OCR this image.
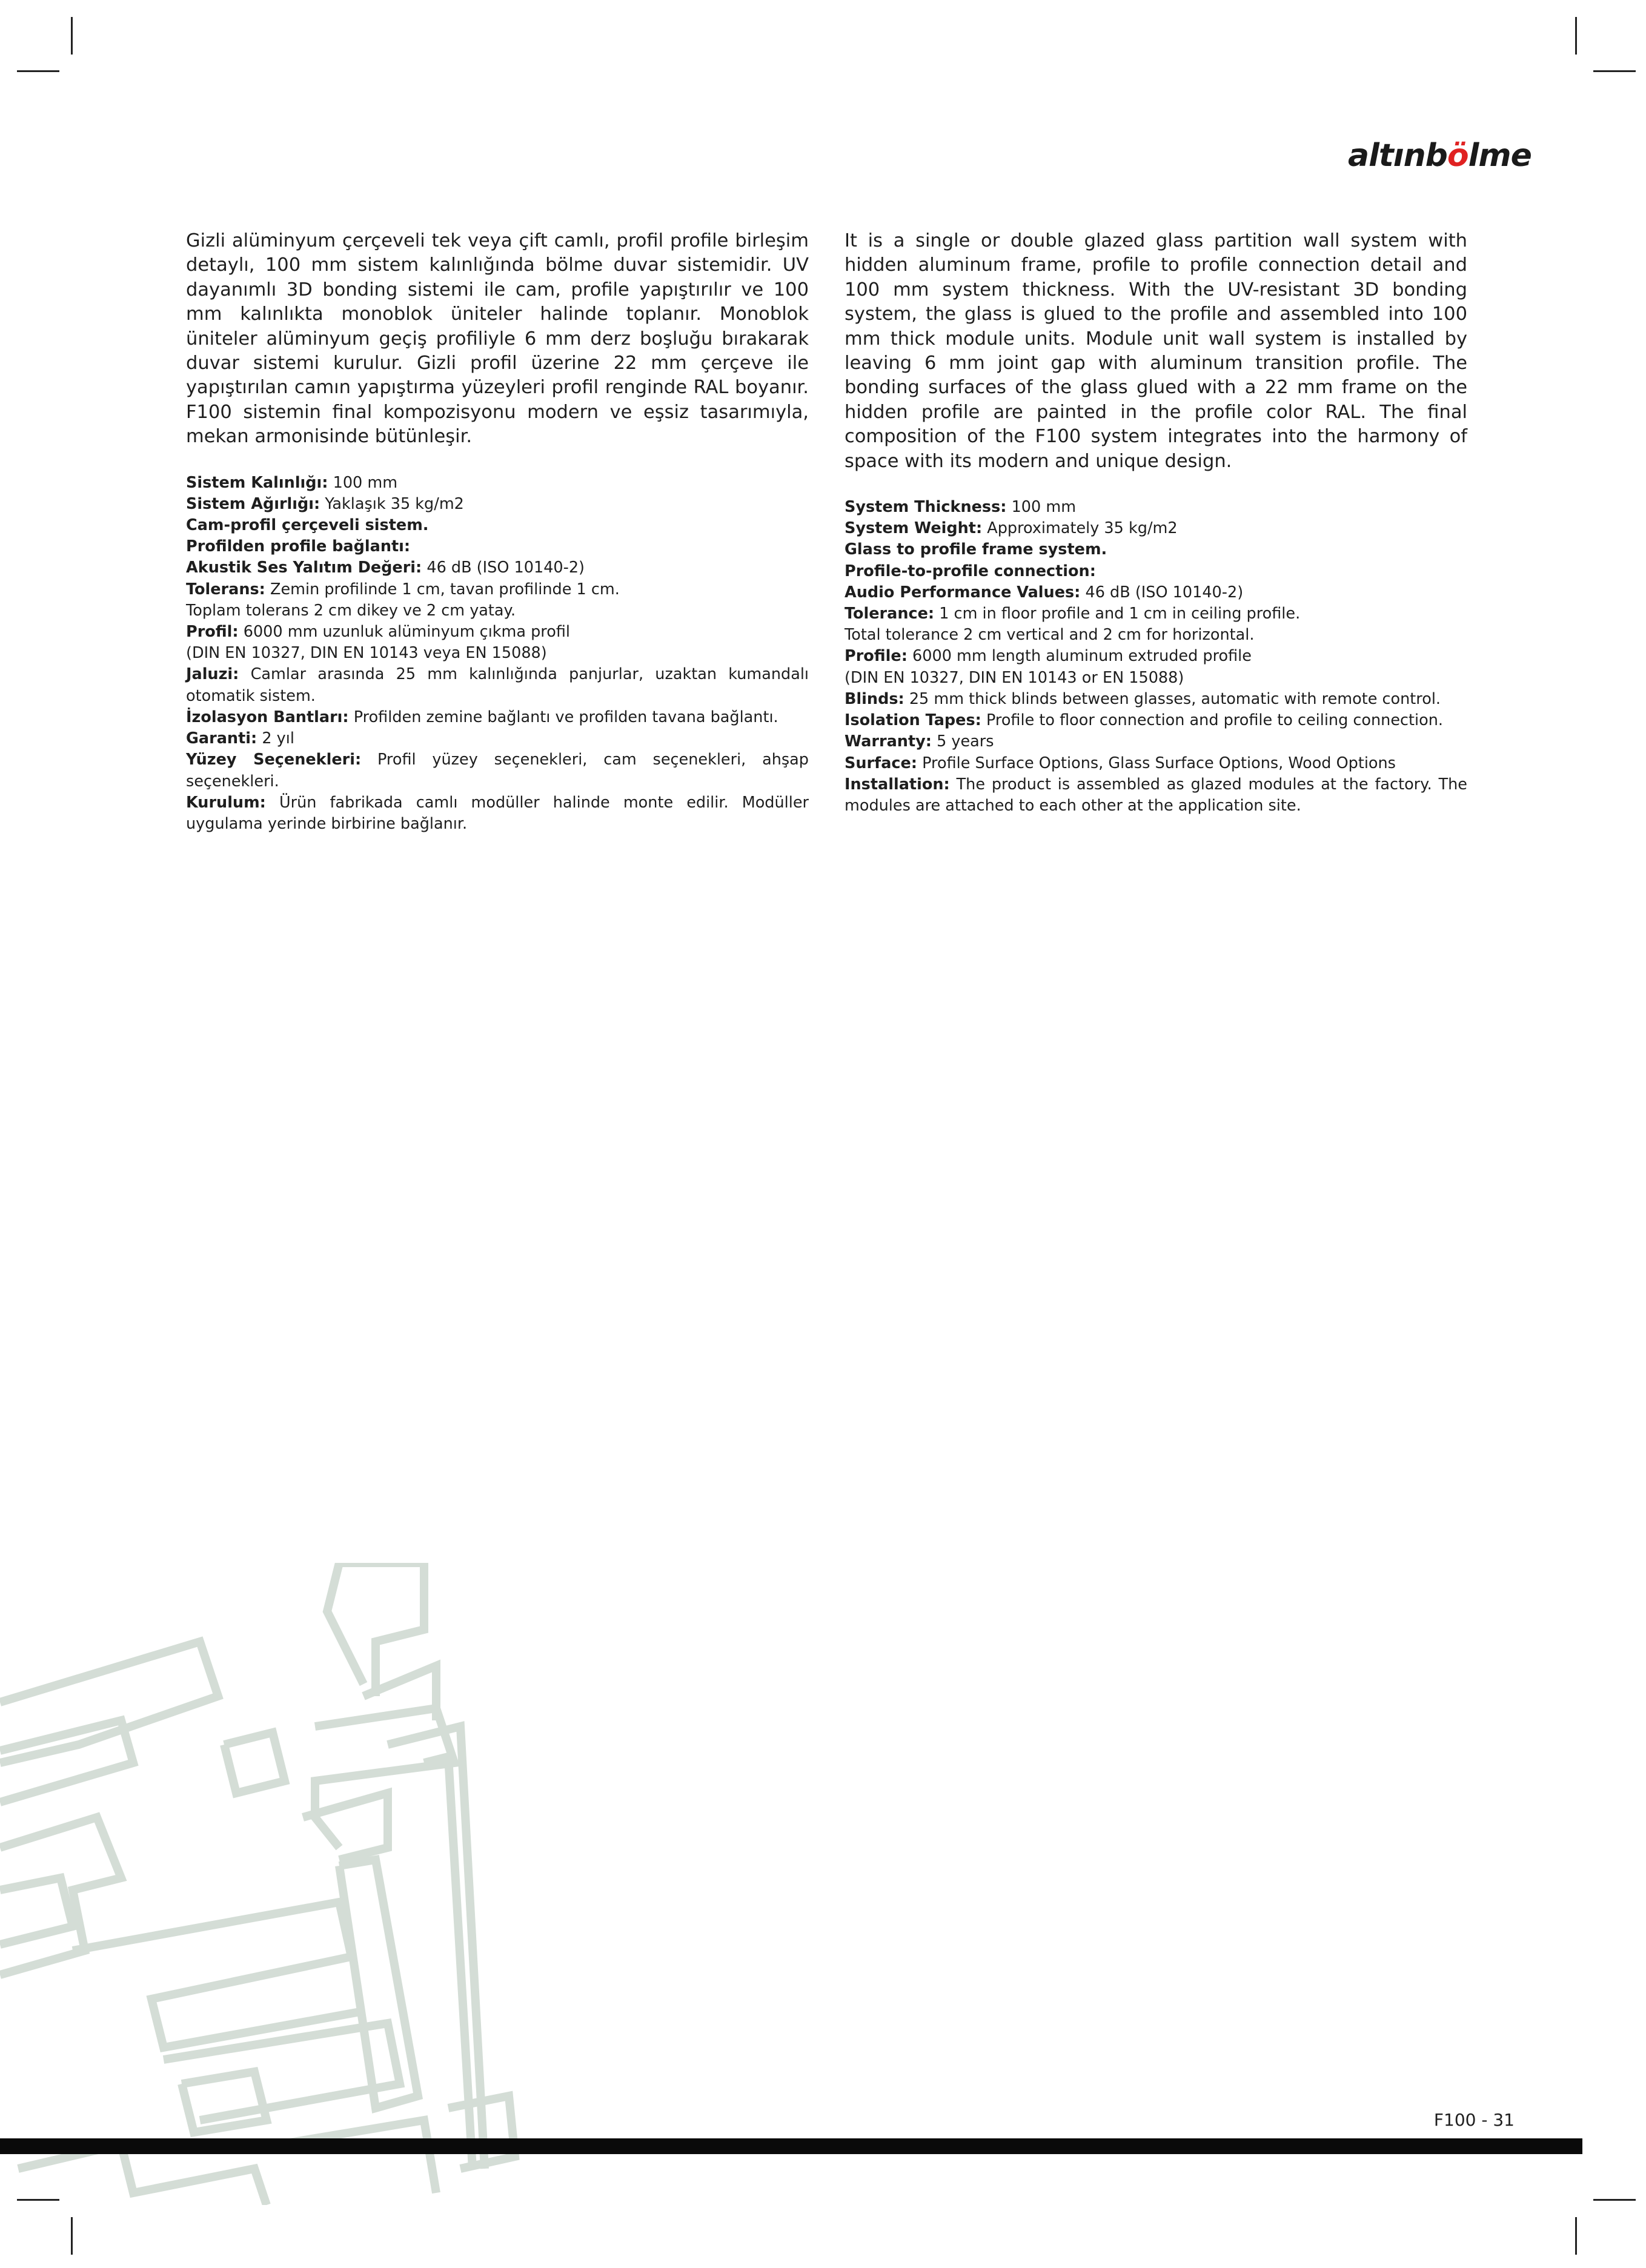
altınbölme

Gizli alüminyum çerçeveli tek veya çift camlı, profil profile birleşim detaylı, 100 mm sistem kalınlığında bölme duvar sistemidir. UV dayanımlı 3D bonding sistemi ile cam, profile yapıştırılır ve 100 mm kalınlıkta monoblok üniteler halinde toplanır. Monoblok üniteler alüminyum geçiş profiliyle 6 mm derz boşluğu bırakarak duvar sistemi kurulur. Gizli profil üzerine 22 mm çerçeve ile yapıştırılan camın yapıştırma yüzeyleri profil renginde RAL boyanır. F100 sistemin final kompozisyonu modern ve eşsiz tasarımıyla, mekan armonisinde bütünleşir.

Sistem Kalınlığı: 100 mm
Sistem Ağırlığı: Yaklaşık 35 kg/m2
Cam-profil çerçeveli sistem.
Profilden profile bağlantı:
Akustik Ses Yalıtım Değeri: 46 dB (ISO 10140-2)
Tolerans: Zemin profilinde 1 cm, tavan profilinde 1 cm.
Toplam tolerans 2 cm dikey ve 2 cm yatay.
Profil: 6000 mm uzunluk alüminyum çıkma profil
(DIN EN 10327, DIN EN 10143 veya EN 15088)
Jaluzi: Camlar arasında 25 mm kalınlığında panjurlar, uzaktan kumandalı otomatik sistem.
İzolasyon Bantları: Profilden zemine bağlantı ve profilden tavana bağlantı.
Garanti: 2 yıl
Yüzey Seçenekleri: Profil yüzey seçenekleri, cam seçenekleri, ahşap seçenekleri.
Kurulum: Ürün fabrikada camlı modüller halinde monte edilir. Modüller uygulama yerinde birbirine bağlanır.

It is a single or double glazed glass partition wall system with hidden aluminum frame, profile to profile connection detail and 100 mm system thickness. With the UV-resistant 3D bonding system, the glass is glued to the profile and assembled into 100 mm thick module units. Module unit wall system is installed by leaving 6 mm joint gap with aluminum transition profile. The bonding surfaces of the glass glued with a 22 mm frame on the hidden profile are painted in the profile color RAL. The final composition of the F100 system integrates into the harmony of space with its modern and unique design.

System Thickness: 100 mm
System Weight: Approximately 35 kg/m2
Glass to profile frame system.
Profile-to-profile connection:
Audio Performance Values: 46 dB (ISO 10140-2)
Tolerance: 1 cm in floor profile and 1 cm in ceiling profile.
Total tolerance 2 cm vertical and 2 cm for horizontal.
Profile: 6000 mm length aluminum extruded profile
(DIN EN 10327, DIN EN 10143 or EN 15088)
Blinds: 25 mm thick blinds between glasses, automatic with remote control.
Isolation Tapes: Profile to floor connection and profile to ceiling connection.
Warranty: 5 years
Surface: Profile Surface Options, Glass Surface Options, Wood Options
Installation: The product is assembled as glazed modules at the factory. The modules are attached to each other at the application site.
F100 - 31
